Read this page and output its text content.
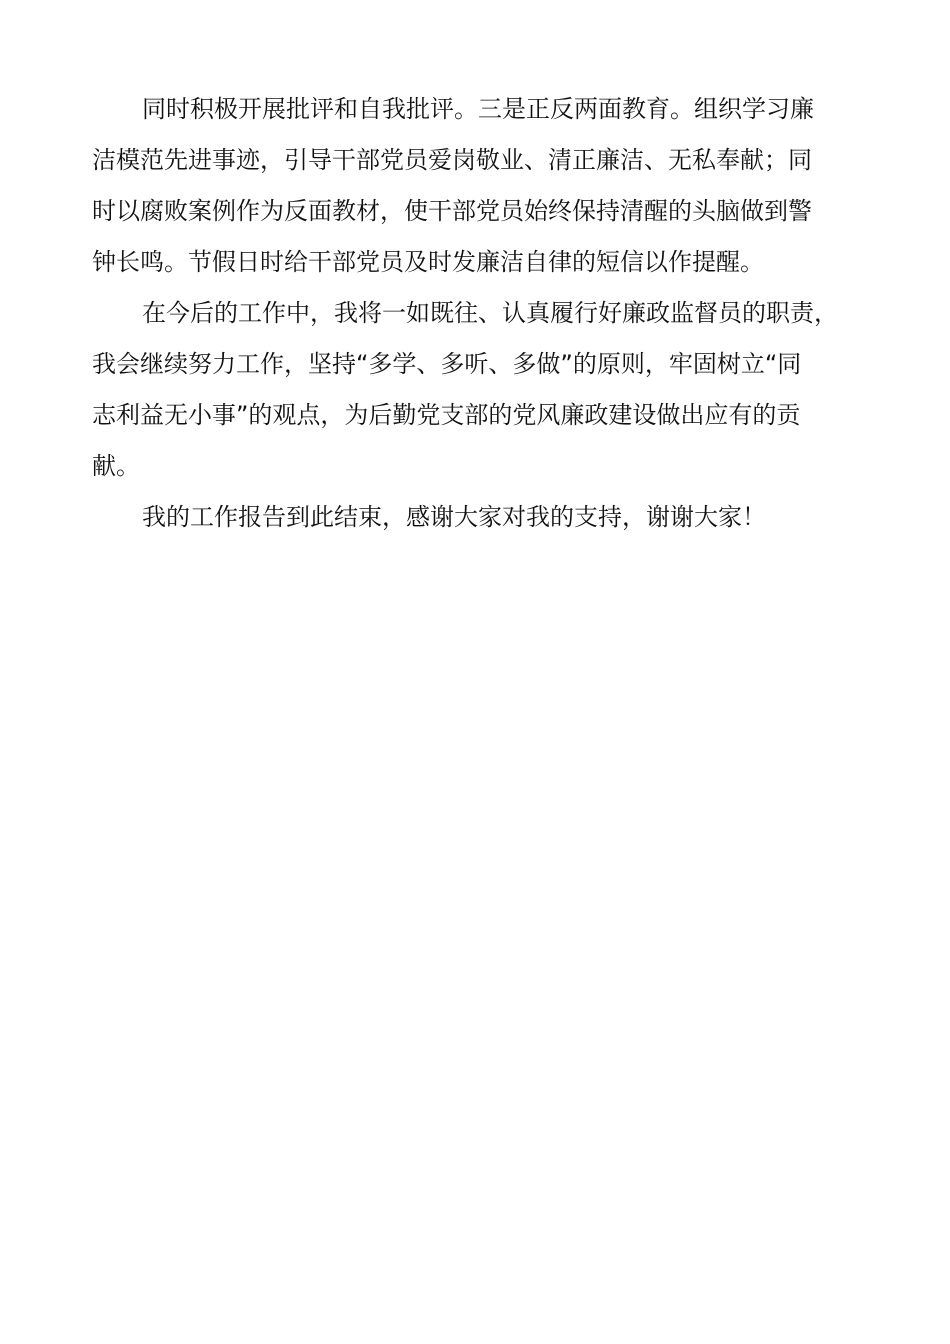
同时积极开展批评和自我批评。三是正反两面教育。组织学习廉
洁模范先进事迹，引导干部党员爱岗敬业、清正廉洁、无私奉献；同
时以腐败案例作为反面教材，使干部党员始终保持清醒的头脑做到警
钟长鸣。节假日时给干部党员及时发廉洁自律的短信以作提醒。
在今后的工作中，我将一如既往、认真履行好廉政监督员的职责，
我会继续努力工作，坚持“多学、多听、多做”的原则，牢固树立“同
志利益无小事”的观点，为后勤党支部的党风廉政建设做出应有的贡
献。
我的工作报告到此结束，感谢大家对我的支持，谢谢大家！
